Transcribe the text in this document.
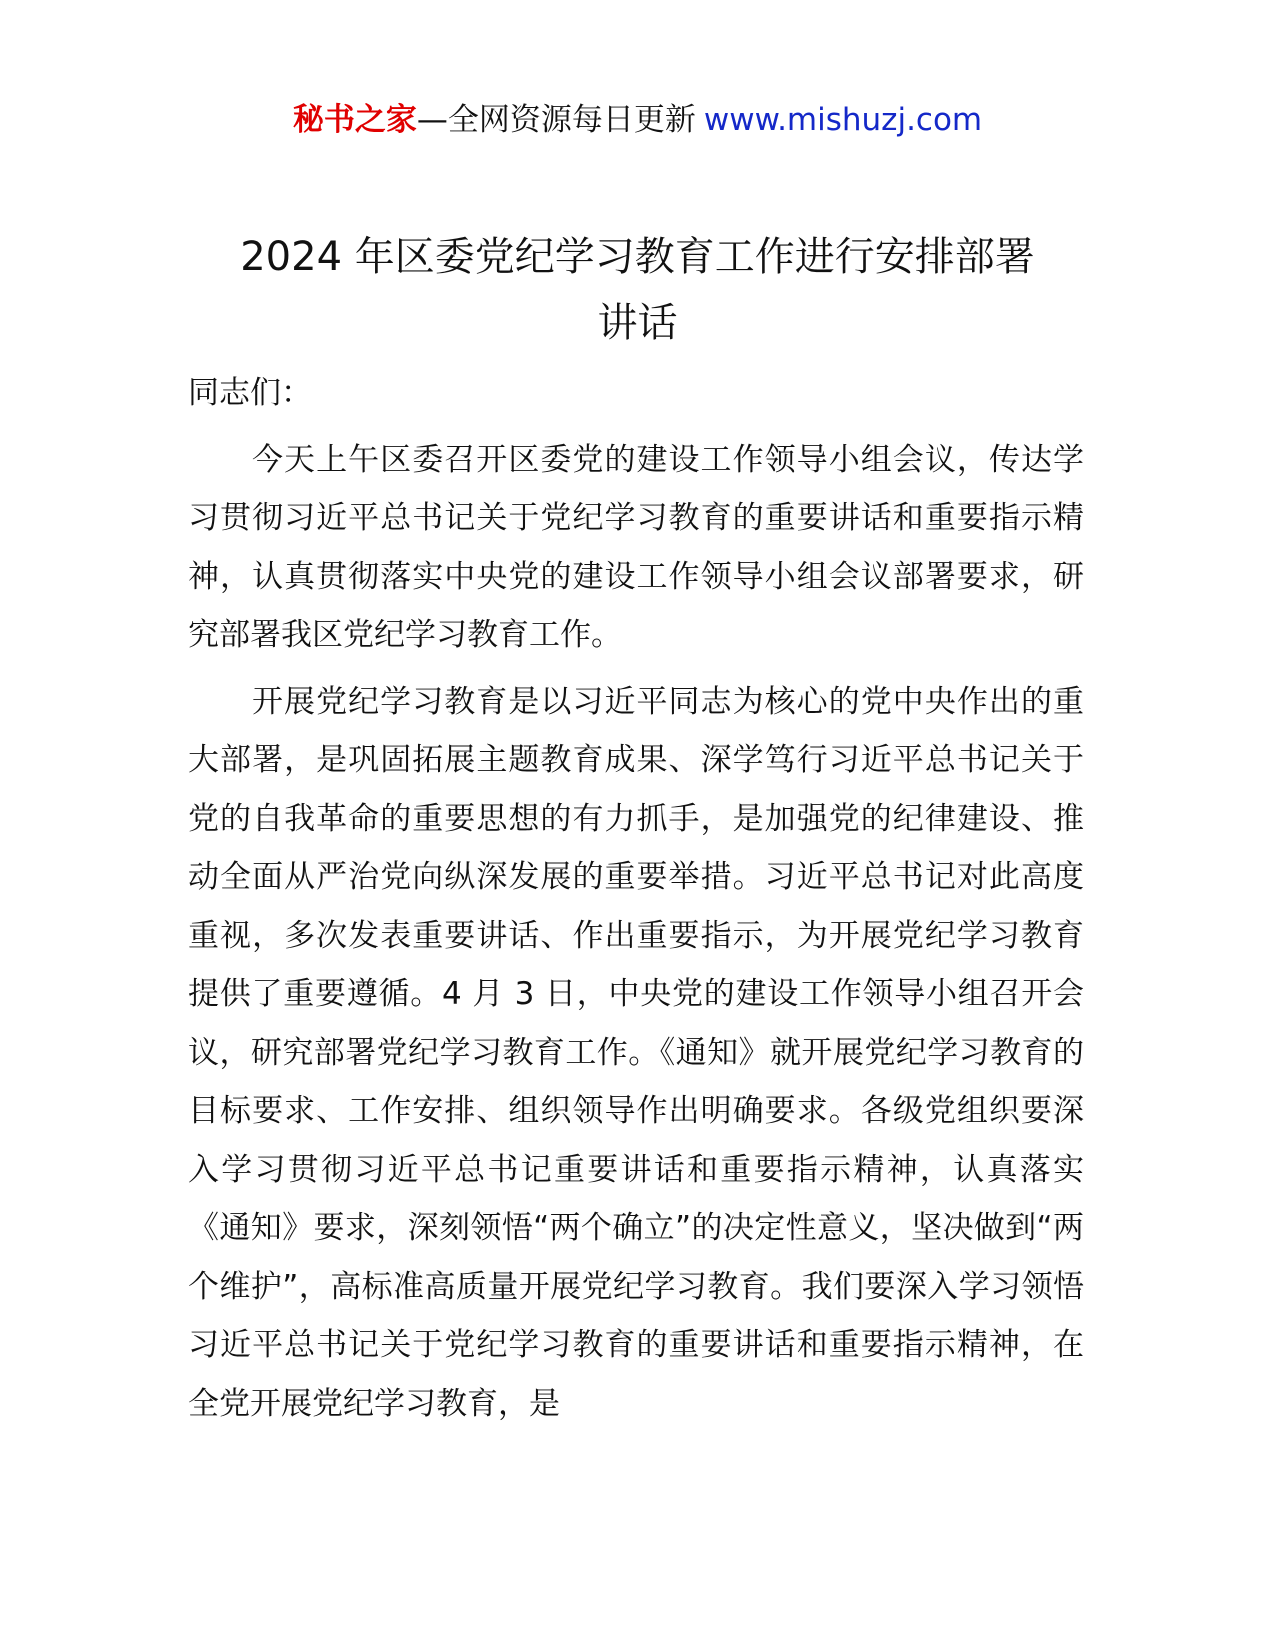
秘书之家—全网资源每日更新 www.mishuzj.com
2024 年区委党纪学习教育工作进行安排部署
讲话

同志们：

今天上午区委召开区委党的建设工作领导小组会议，传达学习贯彻习近平总书记关于党纪学习教育的重要讲话和重要指示精神，认真贯彻落实中央党的建设工作领导小组会议部署要求，研究部署我区党纪学习教育工作。

开展党纪学习教育是以习近平同志为核心的党中央作出的重大部署，是巩固拓展主题教育成果、深学笃行习近平总书记关于党的自我革命的重要思想的有力抓手，是加强党的纪律建设、推动全面从严治党向纵深发展的重要举措。习近平总书记对此高度重视，多次发表重要讲话、作出重要指示，为开展党纪学习教育提供了重要遵循。4 月 3 日，中央党的建设工作领导小组召开会议，研究部署党纪学习教育工作。《通知》就开展党纪学习教育的目标要求、工作安排、组织领导作出明确要求。各级党组织要深入学习贯彻习近平总书记重要讲话和重要指示精神，认真落实《通知》要求，深刻领悟“两个确立”的决定性意义，坚决做到“两个维护”，高标准高质量开展党纪学习教育。我们要深入学习领悟习近平总书记关于党纪学习教育的重要讲话和重要指示精神，在全党开展党纪学习教育，是
